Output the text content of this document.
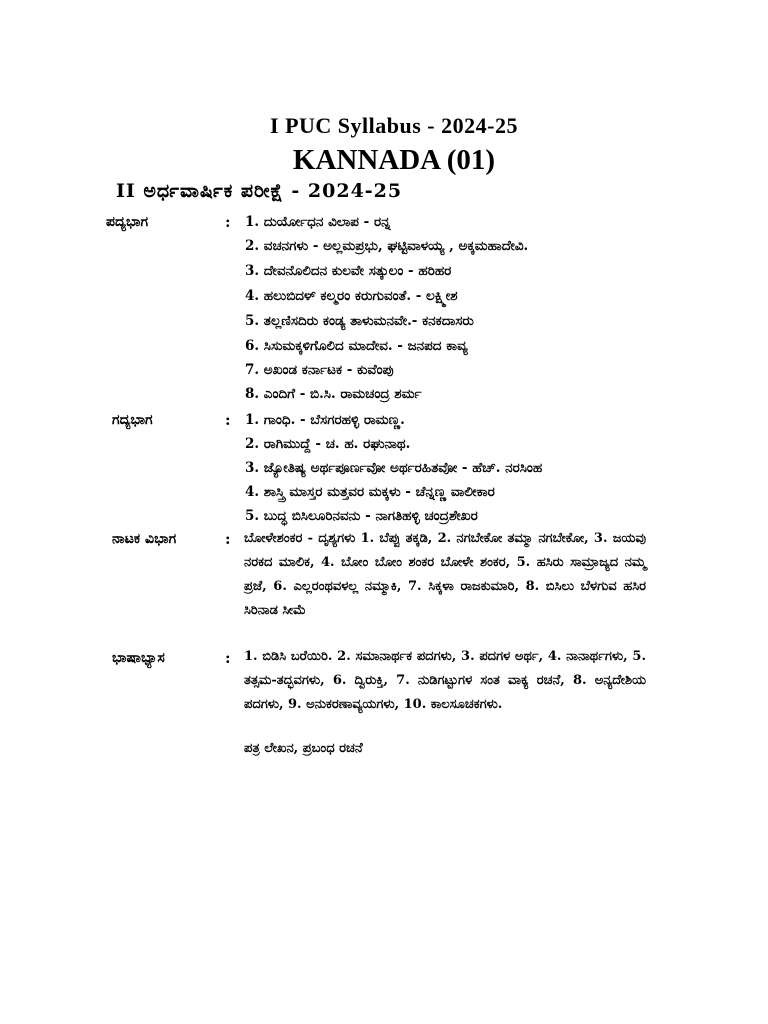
I PUC Syllabus - 2024-25
KANNADA (01)
II ಅರ್ಧವಾರ್ಷಿಕ ಪರೀಕ್ಷೆ - 2024-25
ಪದ್ಯಭಾಗ	: 1. ದುರ್ಯೋಧನ ವಿಲಾಪ - ರನ್ನ
2. ವಚನಗಳು - ಅಲ್ಲಮಪ್ರಭು, ಘಟ್ಟಿವಾಳಯ್ಯ , ಅಕ್ಕಮಹಾದೇವಿ.
3. ದೇವನೊಲಿದನ ಕುಲವೇ ಸತ್ಕುಲಂ - ಹರಿಹರ
4. ಹಲುಬಿದಳ್ ಕಲ್ಮರಂ ಕರುಗುವಂತೆ. - ಲಕ್ಷ್ಮೀಶ
5. ತಲ್ಲಣಿಸದಿರು ಕಂಡ್ಯ ತಾಳುಮನವೇ.- ಕನಕದಾಸರು
6. ಸಿಸುಮಕ್ಕಳಿಗೊಲಿದ ಮಾದೇವ. - ಜನಪದ ಕಾವ್ಯ
7. ಅಖಂಡ ಕರ್ನಾಟಕ - ಕುವೆಂಪು
8. ಎಂದಿಗೆ - ಬಿ.ಸಿ. ರಾಮಚಂದ್ರ ಶರ್ಮ
ಗದ್ಯಭಾಗ	: 1. ಗಾಂಧಿ. - ಬೆಸಗರಹಳ್ಳಿ ರಾಮಣ್ಣ.
2. ರಾಗಿಮುದ್ದೆ - ಚ. ಹ. ರಘುನಾಥ.
3. ಜ್ಯೋತಿಷ್ಯ ಅರ್ಥಪೂರ್ಣವೋ ಅರ್ಥರಹಿತವೋ - ಹೆಚ್. ನರಸಿಂಹ
4. ಶಾಸ್ತ್ರಿ ಮಾಸ್ತರ ಮತ್ತವರ ಮಕ್ಕಳು - ಚೆನ್ನಣ್ಣ ವಾಲೀಕಾರ
5. ಬುದ್ಧ ಬಿಸಿಲೂರಿನವನು - ನಾಗತಿಹಳ್ಳಿ ಚಂದ್ರಶೇಖರ
ನಾಟಕ ವಿಭಾಗ	: ಬೋಳೇಶಂಕರ - ದೃಶ್ಯಗಳು 1. ಬೆಪ್ಪು ತಕ್ಕಡಿ, 2. ನಗಬೇಕೋ ತಮ್ಮಾ ನಗಬೇಕೋ, 3. ಜಯವು ನರಕದ ಮಾಲಿಕ, 4. ಬೋಂ ಬೋಂ ಶಂಕರ ಬೋಳೇ ಶಂಕರ, 5. ಹಸಿರು ಸಾಮ್ರಾಜ್ಯದ ನಮ್ಮ ಪ್ರಜೆ, 6. ಎಲ್ಲರಂಥವಳಲ್ಲ ನಮ್ಮಾಕಿ, 7. ಸಿಕ್ಕಳಾ ರಾಜಕುಮಾರಿ, 8. ಬಿಸಿಲು ಬೆಳಗುವ ಹಸಿರ ಸಿರಿನಾಡ ಸೀಮೆ
ಭಾಷಾಭ್ಯಾಸ	: 1. ಬಿಡಿಸಿ ಬರೆಯಿರಿ. 2. ಸಮಾನಾರ್ಥಕ ಪದಗಳು, 3. ಪದಗಳ ಅರ್ಥ, 4. ನಾನಾರ್ಥಗಳು, 5. ತತ್ಸಮ-ತದ್ಭವಗಳು, 6. ದ್ವಿರುಕ್ತಿ, 7. ನುಡಿಗಟ್ಟುಗಳ ಸಂತ ವಾಕ್ಯ ರಚನೆ, 8. ಅನ್ಯದೇಶಿಯ ಪದಗಳು, 9. ಅನುಕರಣಾವ್ಯಯಗಳು, 10. ಕಾಲಸೂಚಕಗಳು.
ಪತ್ರ ಲೇಖನ, ಪ್ರಬಂಧ ರಚನೆ
